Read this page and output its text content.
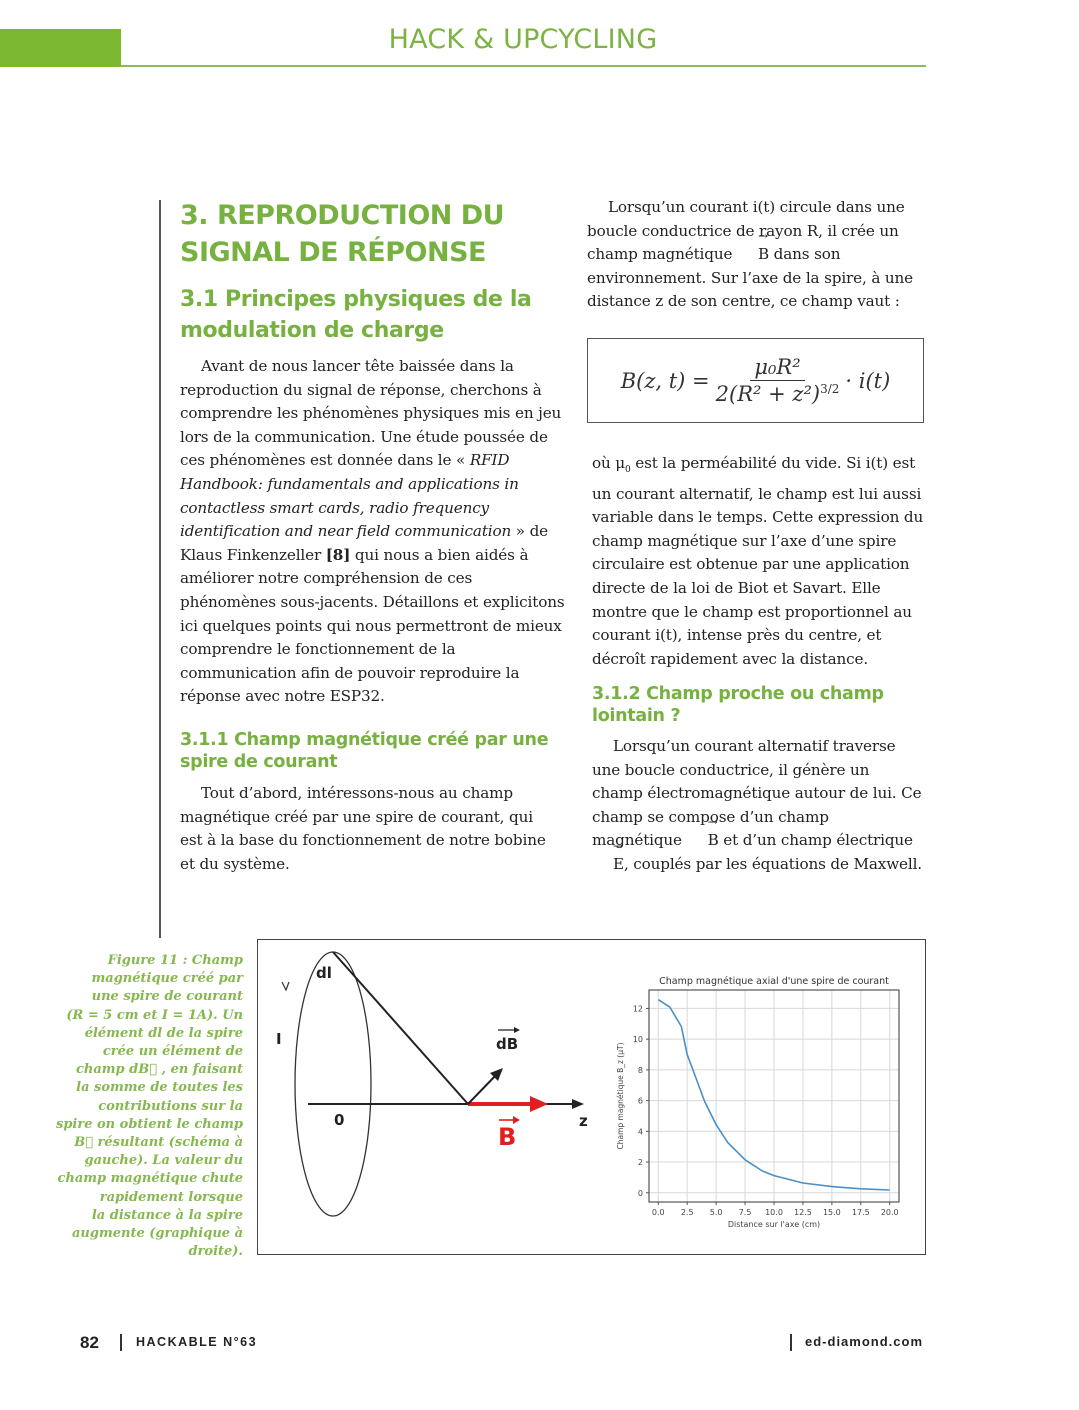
HACK & UPCYCLING
3. REPRODUCTION DU SIGNAL DE RÉPONSE
3.1 Principes physiques de la modulation de charge

Avant de nous lancer tête baissée dans la reproduction du signal de réponse, cherchons à comprendre les phénomènes physiques mis en jeu lors de la communication. Une étude poussée de ces phénomènes est donnée dans le « RFID Handbook: fundamentals and applications in contactless smart cards, radio frequency identification and near field communication » de Klaus Finkenzeller [8] qui nous a bien aidés à améliorer notre compréhension de ces phénomènes sous-jacents. Détaillons et explicitons ici quelques points qui nous permettront de mieux comprendre le fonctionnement de la communication afin de pouvoir reproduire la réponse avec notre ESP32.

3.1.1 Champ magnétique créé par une spire de courant

Tout d’abord, intéressons-nous au champ magnétique créé par une spire de courant, qui est à la base du fonctionnement de notre bobine et du système.

Lorsqu’un courant i(t) circule dans une boucle conductrice de rayon R, il crée un champ magnétique → B dans son environnement. Sur l’axe de la spire, à une distance z de son centre, ce champ vaut :

B(z, $t) = \frac{\text{μ₀R²}}{2(R^2 + z^2)^{3/2}} \cdot i(t)$

où $\mu_0$ est la perméabilité du vide. Si i(t) est un courant alternatif, le champ est lui aussi variable dans le temps. Cette expression du champ magnétique sur l’axe d’une spire circulaire est obtenue par une application directe de la loi de Biot et Savart. Elle montre que le champ est proportionnel au courant i(t), intense près du centre, et décroît rapidement avec la distance.

3.1.2 Champ proche ou champ lointain ?

Lorsqu’un courant alternatif traverse une boucle conductrice, il génère un champ électromagnétique autour de lui. Ce champ se compose d’un champ magnétique → B et d’un champ électrique → E, couplés par les équations de Maxwell.

Figure 11 : Champ
magnétique créé par
une spire de courant
(R = 5 cm et I = 1A). Un
élément dl de la spire
crée un élément de
champ dB⃗ , en faisant
la somme de toutes les
contributions sur la
spire on obtient le champ
B⃗ résultant (schéma à
gauche). La valeur du
champ magnétique chute
rapidement lorsque
la distance à la spire
augmente (graphique à
droite).
dl
I
0
dB
B
z
0.0 2.5 5.0 7.5 10.0 12.5 15.0 17.5 20.0
0
2
4
6
8
10
12
Champ magnétique axial d'une spire de courant
Distance sur l'axe (cm)
Champ magnétique B_z (μT)
82	HACKABLE N°63	ed-diamond.com
